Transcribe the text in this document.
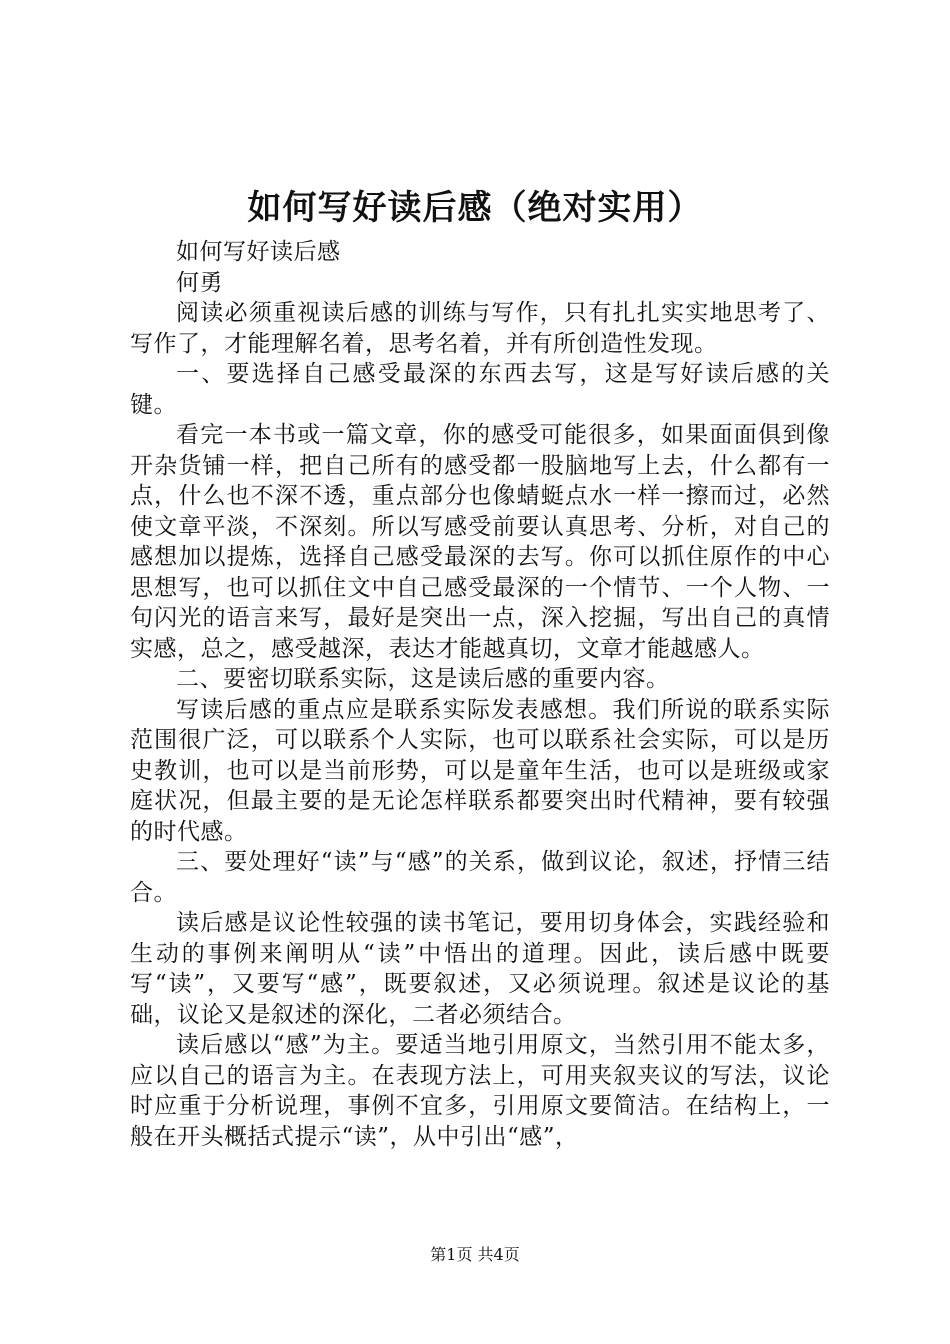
如何写好读后感（绝对实用）

如何写好读后感

何勇

阅读必须重视读后感的训练与写作，只有扎扎实实地思考了、写作了，才能理解名着，思考名着，并有所创造性发现。

一、要选择自己感受最深的东西去写，这是写好读后感的关键。

看完一本书或一篇文章，你的感受可能很多，如果面面俱到像开杂货铺一样，把自己所有的感受都一股脑地写上去，什么都有一点，什么也不深不透，重点部分也像蜻蜓点水一样一擦而过，必然使文章平淡，不深刻。所以写感受前要认真思考、分析，对自己的感想加以提炼，选择自己感受最深的去写。你可以抓住原作的中心思想写，也可以抓住文中自己感受最深的一个情节、一个人物、一句闪光的语言来写，最好是突出一点，深入挖掘，写出自己的真情实感，总之，感受越深，表达才能越真切，文章才能越感人。

二、要密切联系实际，这是读后感的重要内容。

写读后感的重点应是联系实际发表感想。我们所说的联系实际范围很广泛，可以联系个人实际，也可以联系社会实际，可以是历史教训，也可以是当前形势，可以是童年生活，也可以是班级或家庭状况，但最主要的是无论怎样联系都要突出时代精神，要有较强的时代感。

三、要处理好“读”与“感”的关系，做到议论，叙述，抒情三结合。

读后感是议论性较强的读书笔记，要用切身体会，实践经验和生动的事例来阐明从“读”中悟出的道理。因此，读后感中既要写“读”，又要写“感”，既要叙述，又必须说理。叙述是议论的基础，议论又是叙述的深化，二者必须结合。

读后感以“感”为主。要适当地引用原文，当然引用不能太多，应以自己的语言为主。在表现方法上，可用夹叙夹议的写法，议论时应重于分析说理，事例不宜多，引用原文要简洁。在结构上，一般在开头概括式提示“读”，从中引出“感”，

第1页 共4页
